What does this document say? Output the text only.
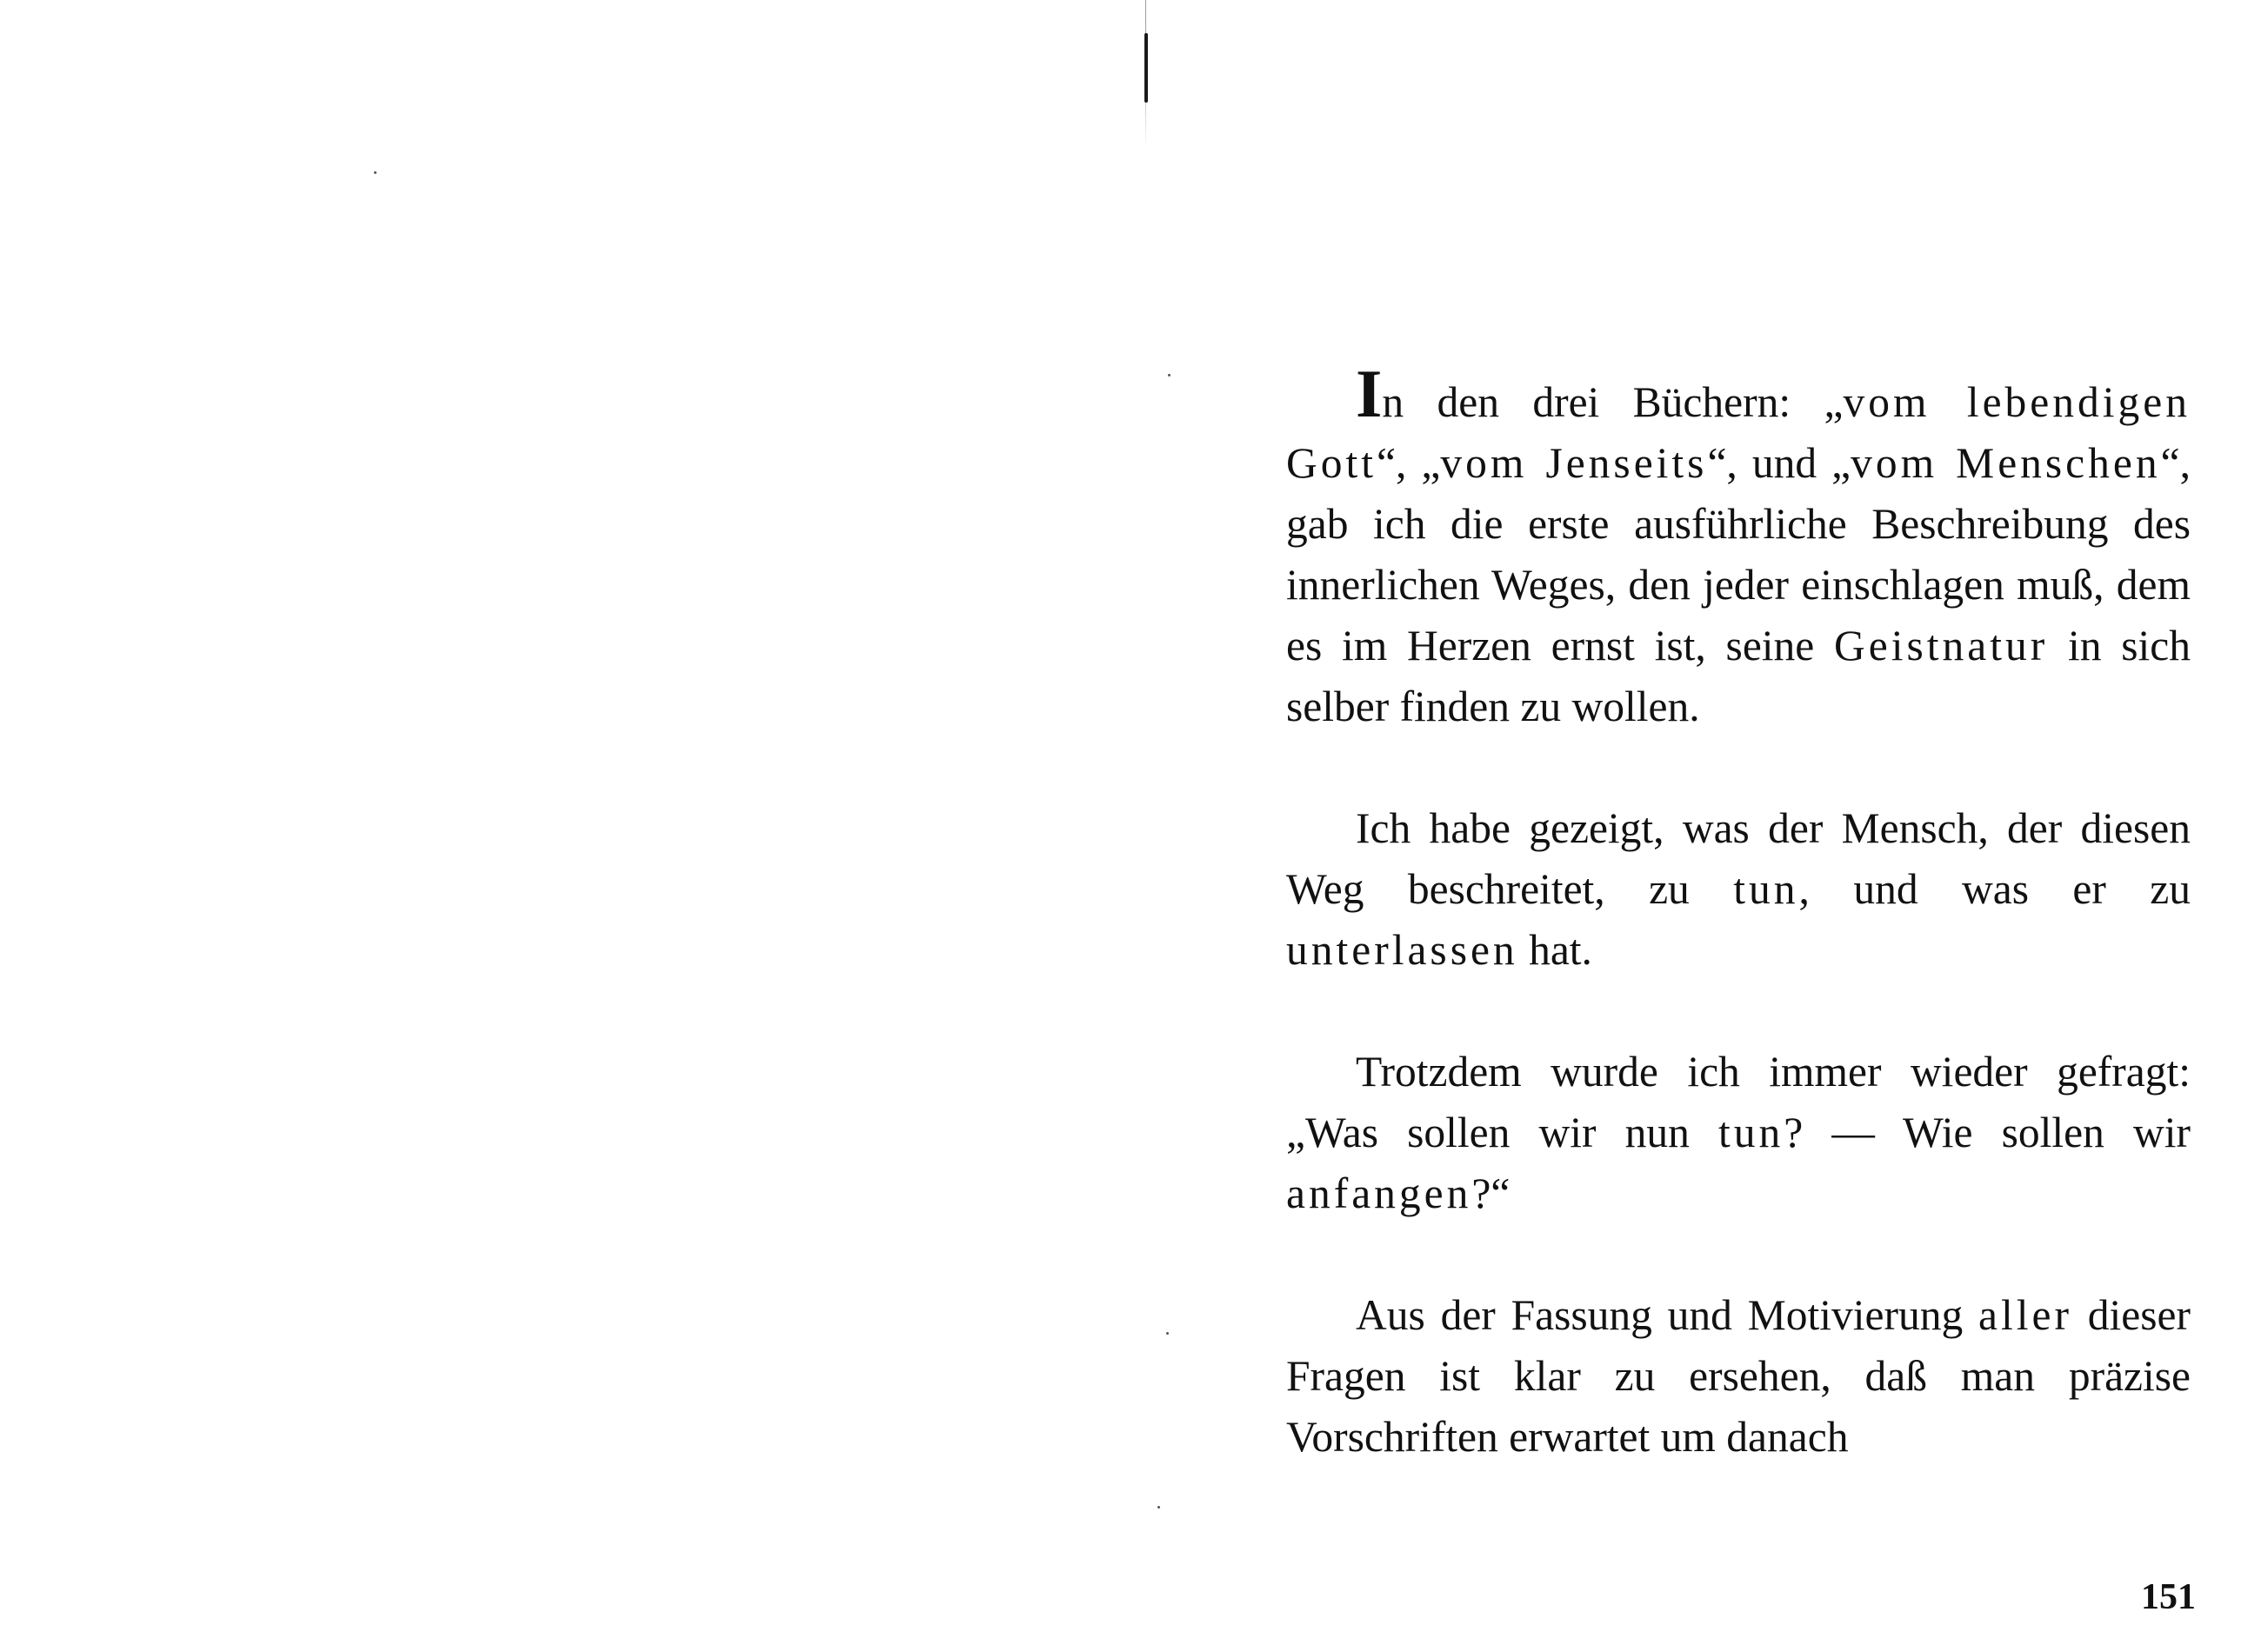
In den drei Büchern: „vom lebendigen Gott“, „vom Jenseits“, und „vom Menschen“, gab ich die erste ausführliche Beschreibung des innerlichen Weges, den jeder einschlagen muß, dem es im Herzen ernst ist, seine Geistnatur in sich selber finden zu wollen.

Ich habe gezeigt, was der Mensch, der diesen Weg beschreitet, zu tun, und was er zu unterlassen hat.

Trotzdem wurde ich immer wieder gefragt: „Was sollen wir nun tun? — Wie sollen wir anfangen?“

Aus der Fassung und Motivierung aller dieser Fragen ist klar zu ersehen, daß man präzise Vorschriften erwartet um danach

151
